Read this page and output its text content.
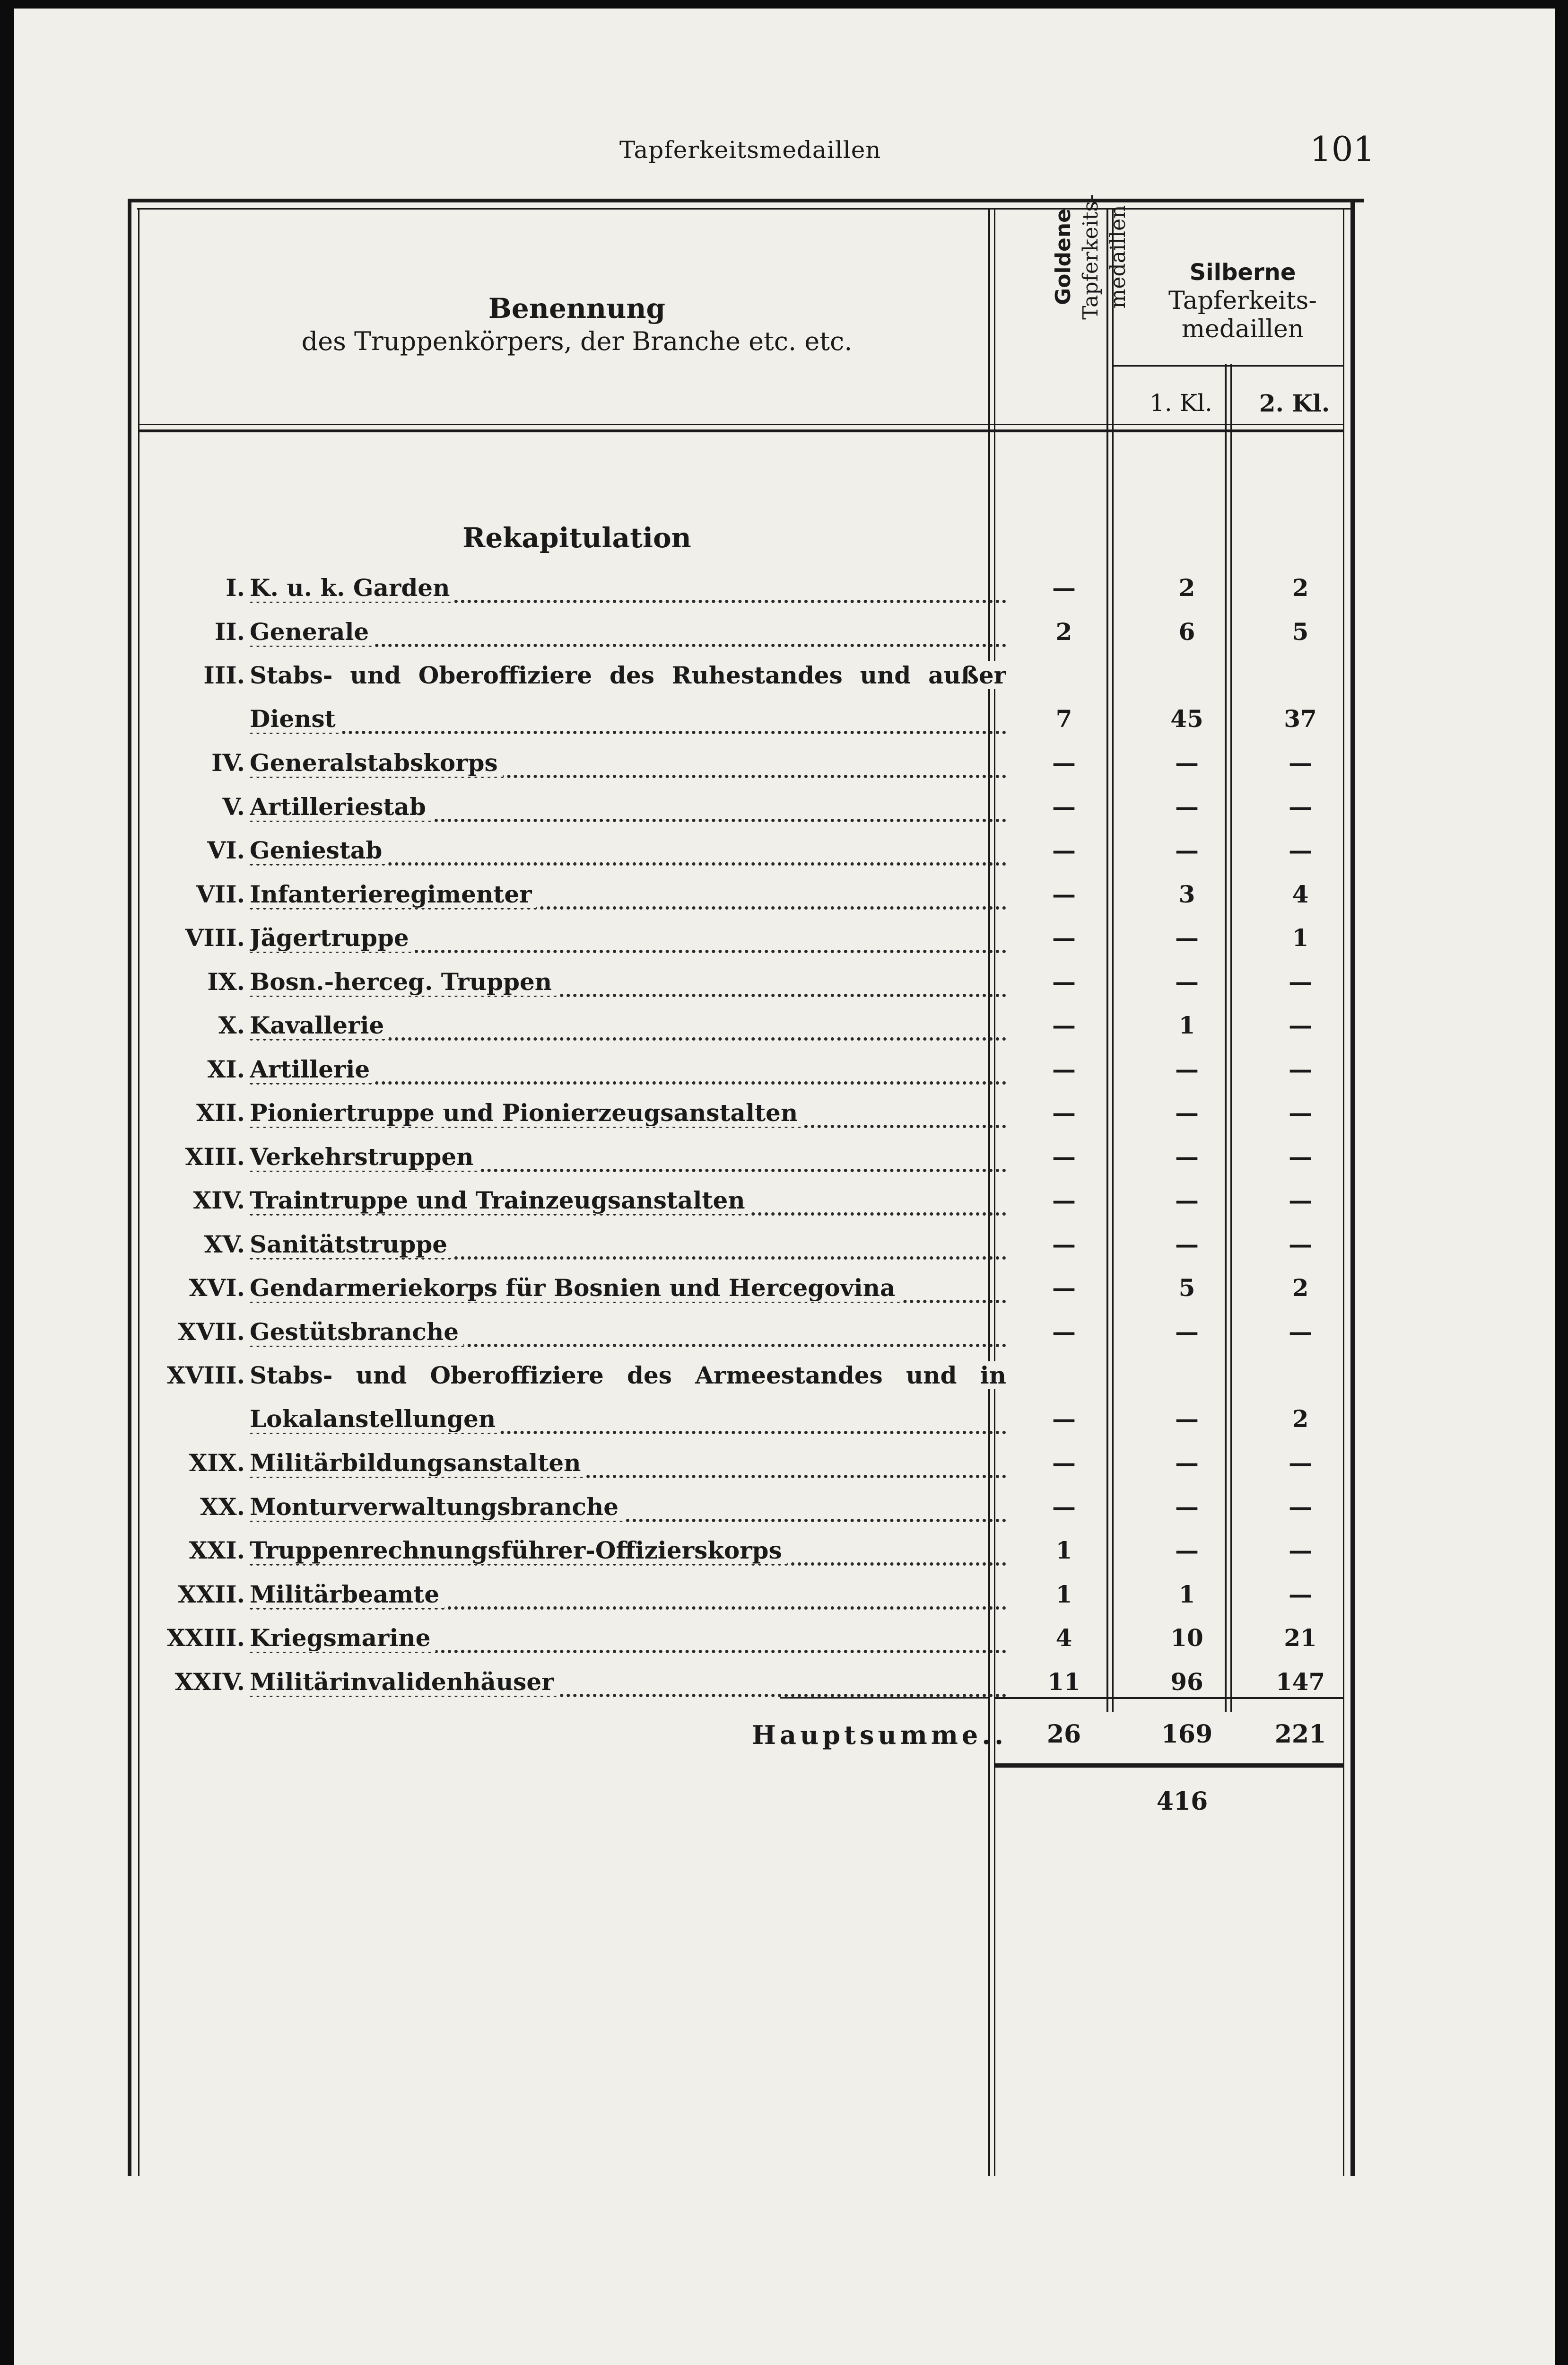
Tapferkeitsmedaillen	101
Benennung
des Truppenkörpers, der Branche etc. etc.
Goldene Tapferkeits- medaillen	Silberne
Tapferkeits-
medaillen
1. Kl.	2. Kl.
Rekapitulation
I. K. u. k. Garden	—	2	2
II. Generale	2	6	5
III. Stabs- und Oberoffiziere des Ruhestandes und außer
Dienst	7	45	37
IV. Generalstabskorps	—	—	—
V. Artilleriestab	—	—	—
VI. Geniestab	—	—	—
VII. Infanterieregimenter	—	3	4
VIII. Jägertruppe	—	—	1
IX. Bosn.-herceg. Truppen	—	—	—
X. Kavallerie	—	1	—
XI. Artillerie	—	—	—
XII. Pioniertruppe und Pionierzeugsanstalten	—	—	—
XIII. Verkehrstruppen	—	—	—
XIV. Traintruppe und Trainzeugsanstalten	—	—	—
XV. Sanitätstruppe	—	—	—
XVI. Gendarmeriekorps für Bosnien und Hercegovina	—	5	2
XVII. Gestütsbranche	—	—	—
XVIII. Stabs- und Oberoffiziere des Armeestandes und in
Lokalanstellungen	—	—	2
XIX. Militärbildungsanstalten	—	—	—
XX. Monturverwaltungsbranche	—	—	—
XXI. Truppenrechnungsführer-Offizierskorps	1	—	—
XXII. Militärbeamte	1	1	—
XXIII. Kriegsmarine	4	10	21
XXIV. Militärinvalidenhäuser	11	96	147
Hauptsumme..	26	169	221
416
